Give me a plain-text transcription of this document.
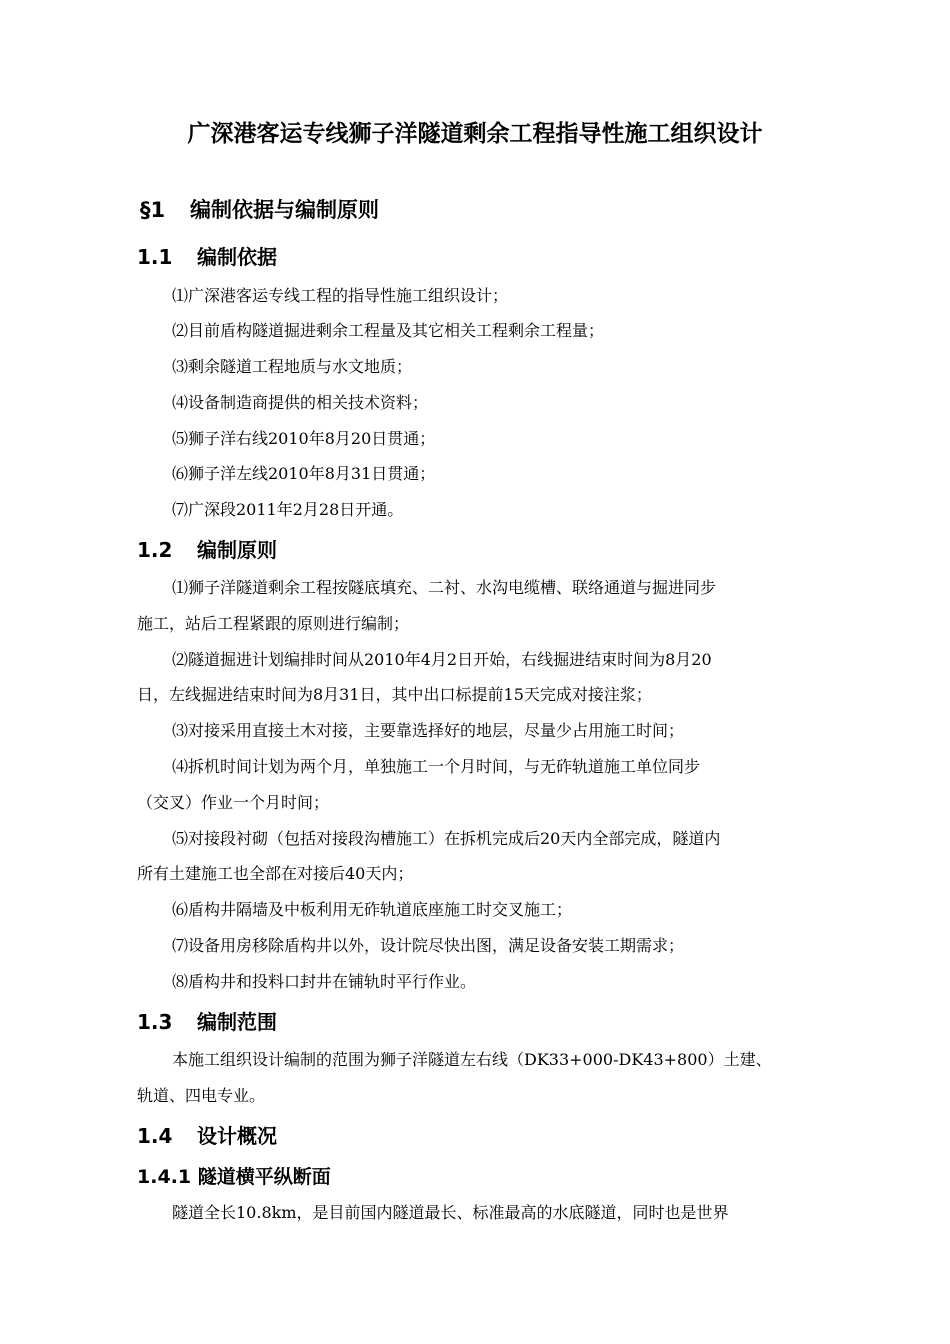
广深港客运专线狮子洋隧道剩余工程指导性施工组织设计
§1 编制依据与编制原则
1.1 编制依据
⑴广深港客运专线工程的指导性施工组织设计；
⑵目前盾构隧道掘进剩余工程量及其它相关工程剩余工程量；
⑶剩余隧道工程地质与水文地质；
⑷设备制造商提供的相关技术资料；
⑸狮子洋右线2010年8月20日贯通；
⑹狮子洋左线2010年8月31日贯通；
⑺广深段2011年2月28日开通。
1.2 编制原则
⑴狮子洋隧道剩余工程按隧底填充、二衬、水沟电缆槽、联络通道与掘进同步
施工，站后工程紧跟的原则进行编制；
⑵隧道掘进计划编排时间从2010年4月2日开始，右线掘进结束时间为8月20
日，左线掘进结束时间为8月31日，其中出口标提前15天完成对接注浆；
⑶对接采用直接土木对接，主要靠选择好的地层，尽量少占用施工时间；
⑷拆机时间计划为两个月，单独施工一个月时间，与无砟轨道施工单位同步
（交叉）作业一个月时间；
⑸对接段衬砌（包括对接段沟槽施工）在拆机完成后20天内全部完成，隧道内
所有土建施工也全部在对接后40天内；
⑹盾构井隔墙及中板利用无砟轨道底座施工时交叉施工；
⑺设备用房移除盾构井以外，设计院尽快出图，满足设备安装工期需求；
⑻盾构井和投料口封井在铺轨时平行作业。
1.3 编制范围
本施工组织设计编制的范围为狮子洋隧道左右线（DK33+000-DK43+800）土建、
轨道、四电专业。
1.4 设计概况
1.4.1 隧道横平纵断面
隧道全长10.8km，是目前国内隧道最长、标准最高的水底隧道，同时也是世界
